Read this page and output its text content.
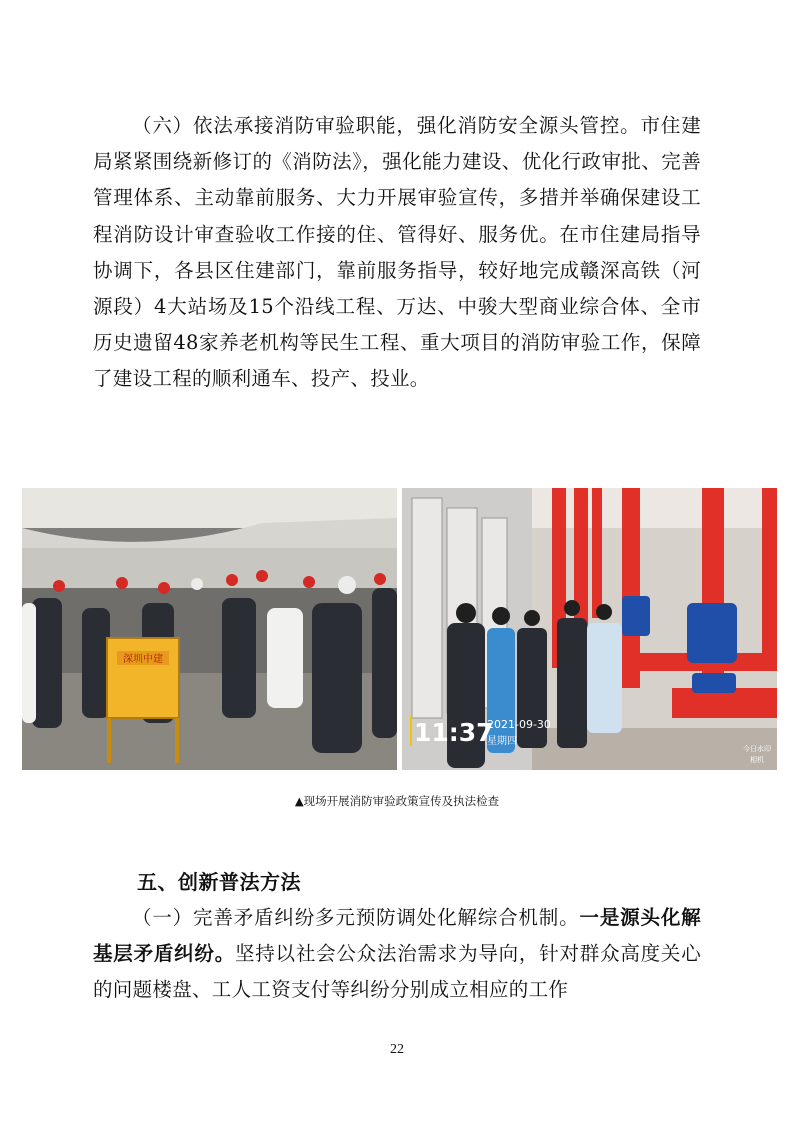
（六）依法承接消防审验职能，强化消防安全源头管控。市住建局紧紧围绕新修订的《消防法》，强化能力建设、优化行政审批、完善管理体系、主动靠前服务、大力开展审验宣传，多措并举确保建设工程消防设计审查验收工作接的住、管得好、服务优。在市住建局指导协调下，各县区住建部门，靠前服务指导，较好地完成赣深高铁（河源段）4大站场及15个沿线工程、万达、中骏大型商业综合体、全市历史遗留48家养老机构等民生工程、重大项目的消防审验工作，保障了建设工程的顺利通车、投产、投业。

深圳中建
11:37
2021-09-30
星期四
今日水印
相机
▲现场开展消防审验政策宣传及执法检查
五、创新普法方法

（一）完善矛盾纠纷多元预防调处化解综合机制。一是源头化解基层矛盾纠纷。坚持以社会公众法治需求为导向，针对群众高度关心的问题楼盘、工人工资支付等纠纷分别成立相应的工作

22
